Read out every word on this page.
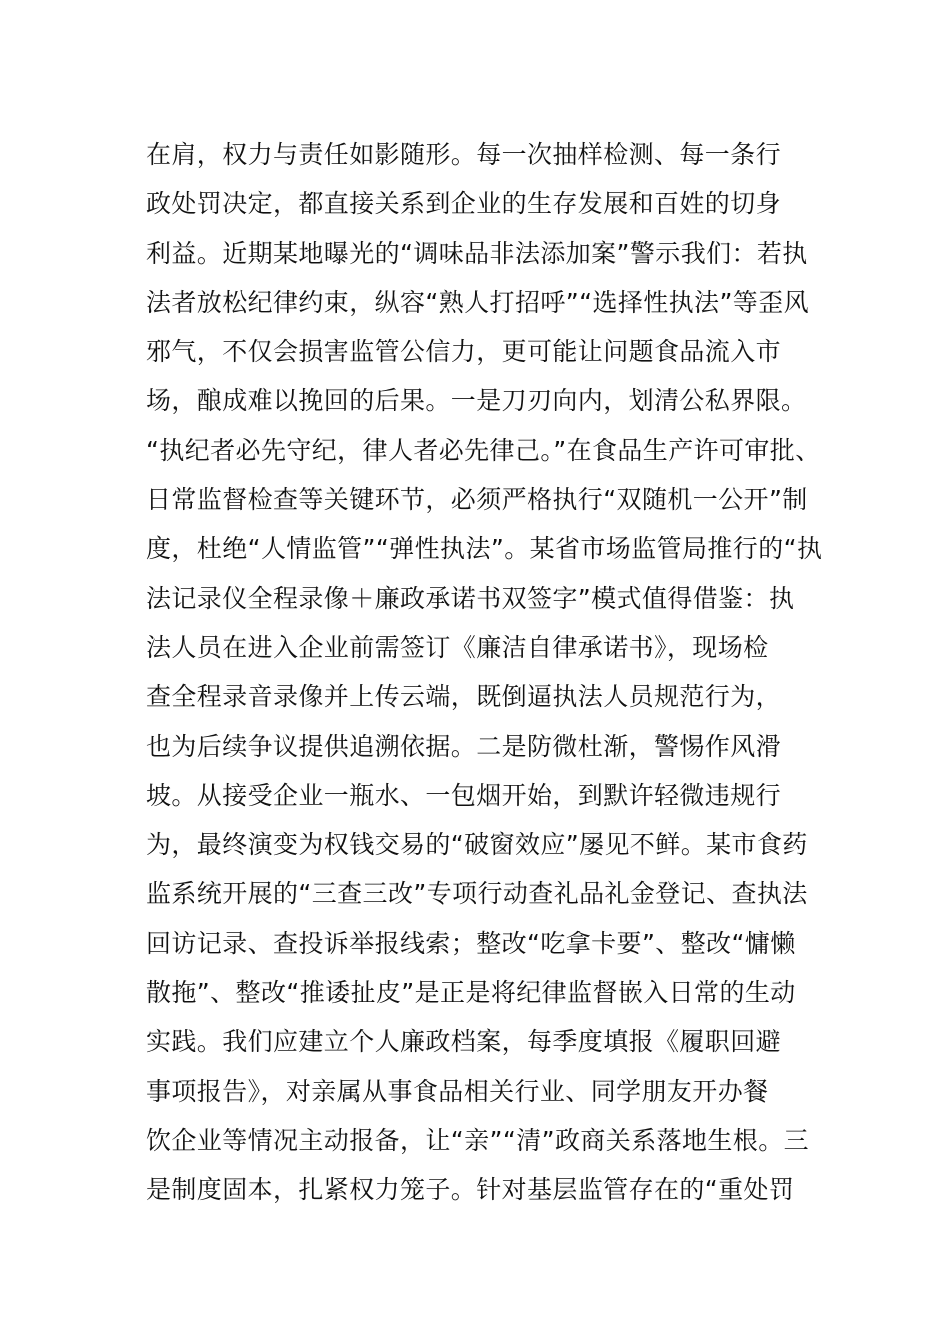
在肩，权力与责任如影随形。每一次抽样检测、每一条行
政处罚决定，都直接关系到企业的生存发展和百姓的切身
利益。近期某地曝光的“调味品非法添加案”警示我们：若执
法者放松纪律约束，纵容“熟人打招呼”“选择性执法”等歪风
邪气，不仅会损害监管公信力，更可能让问题食品流入市
场，酿成难以挽回的后果。一是刀刃向内，划清公私界限。
“执纪者必先守纪，律人者必先律己。”在食品生产许可审批、
日常监督检查等关键环节，必须严格执行“双随机一公开”制
度，杜绝“人情监管”“弹性执法”。某省市场监管局推行的“执
法记录仪全程录像＋廉政承诺书双签字”模式值得借鉴：执
法人员在进入企业前需签订《廉洁自律承诺书》，现场检
查全程录音录像并上传云端，既倒逼执法人员规范行为，
也为后续争议提供追溯依据。二是防微杜渐，警惕作风滑
坡。从接受企业一瓶水、一包烟开始，到默许轻微违规行
为，最终演变为权钱交易的“破窗效应”屡见不鲜。某市食药
监系统开展的“三查三改”专项行动查礼品礼金登记、查执法
回访记录、查投诉举报线索；整改“吃拿卡要”、整改“慵懒
散拖”、整改“推诿扯皮”是正是将纪律监督嵌入日常的生动
实践。我们应建立个人廉政档案，每季度填报《履职回避
事项报告》，对亲属从事食品相关行业、同学朋友开办餐
饮企业等情况主动报备，让“亲”“清”政商关系落地生根。三
是制度固本，扎紧权力笼子。针对基层监管存在的“重处罚
